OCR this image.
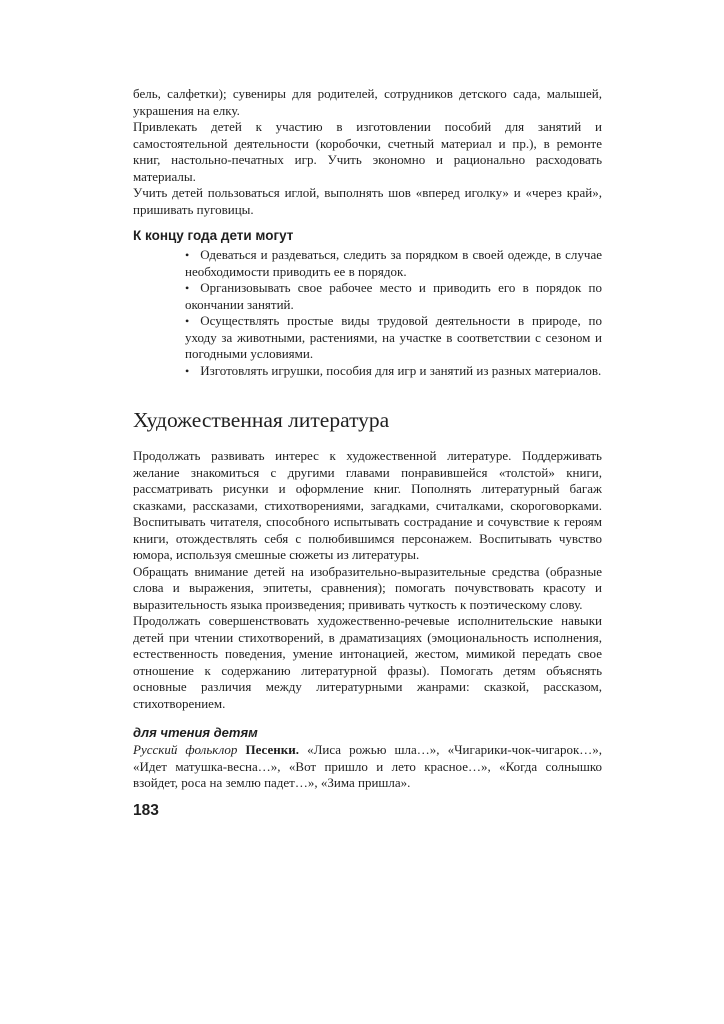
бель, салфетки); сувениры для родителей, сотрудников детского сада, малышей, украшения на елку.

Привлекать детей к участию в изготовлении пособий для занятий и самостоятельной деятельности (коробочки, счетный материал и пр.), в ремонте книг, настольно-печатных игр. Учить экономно и рационально расходовать материалы.

Учить детей пользоваться иглой, выполнять шов «вперед иголку» и «через край», пришивать пуговицы.

К концу года дети могут

• Одеваться и раздеваться, следить за порядком в своей одежде, в случае необходимости приводить ее в порядок.

• Организовывать свое рабочее место и приводить его в порядок по окончании занятий.

• Осуществлять простые виды трудовой деятельности в природе, по уходу за животными, растениями, на участке в соответствии с сезоном и погодными условиями.

• Изготовлять игрушки, пособия для игр и занятий из разных материалов.

Художественная литература

Продолжать развивать интерес к художественной литературе. Поддерживать желание знакомиться с другими главами понравившейся «толстой» книги, рассматривать рисунки и оформление книг. Пополнять литературный багаж сказками, рассказами, стихотворениями, загадками, считалками, скороговорками. Воспитывать читателя, способного испытывать сострадание и сочувствие к героям книги, отождествлять себя с полюбившимся персонажем. Воспитывать чувство юмора, используя смешные сюжеты из литературы.

Обращать внимание детей на изобразительно-выразительные средства (образные слова и выражения, эпитеты, сравнения); помогать почувствовать красоту и выразительность языка произведения; прививать чуткость к поэтическому слову.

Продолжать совершенствовать художественно-речевые исполнительские навыки детей при чтении стихотворений, в драматизациях (эмоциональность исполнения, естественность поведения, умение интонацией, жестом, мимикой передать свое отношение к содержанию литературной фразы). Помогать детям объяснять основные различия между литературными жанрами: сказкой, рассказом, стихотворением.

для чтения детям

Русский фольклор Песенки. «Лиса рожью шла…», «Чигарики-чок-чигарок…», «Идет матушка-весна…», «Вот пришло и лето красное…», «Когда солнышко взойдет, роса на землю падет…», «Зима пришла».

183
